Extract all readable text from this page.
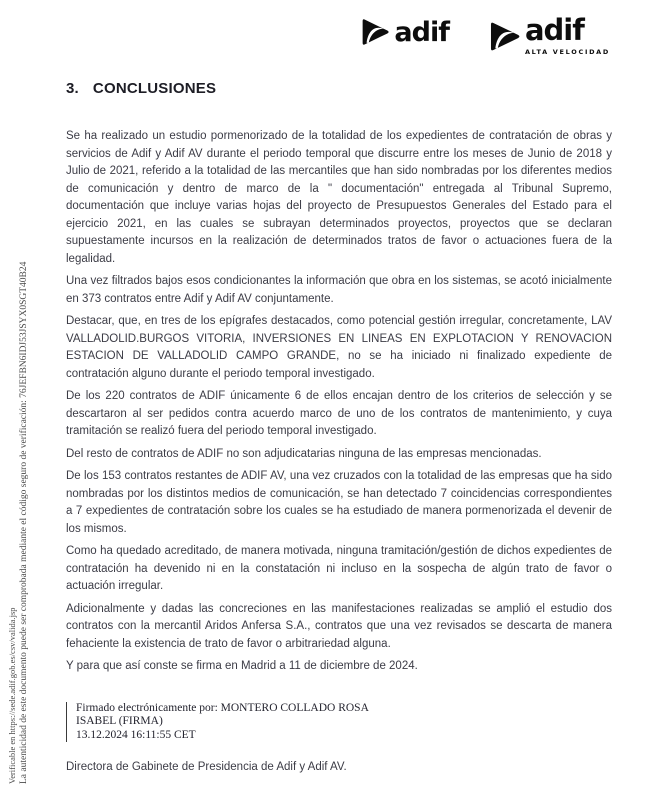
adif	adif
ALTA VELOCIDAD
3. CONCLUSIONES

Se ha realizado un estudio pormenorizado de la totalidad de los expedientes de contratación de obras y servicios de Adif y Adif AV durante el periodo temporal que discurre entre los meses de Junio de 2018 y Julio de 2021, referido a la totalidad de las mercantiles que han sido nombradas por los diferentes medios de comunicación y dentro de marco de la " documentación" entregada al Tribunal Supremo, documentación que incluye varias hojas del proyecto de Presupuestos Generales del Estado para el ejercicio 2021, en las cuales se subrayan determinados proyectos, proyectos que se declaran supuestamente incursos en la realización de determinados tratos de favor o actuaciones fuera de la legalidad.

Una vez filtrados bajos esos condicionantes la información que obra en los sistemas, se acotó inicialmente en 373 contratos entre Adif y Adif AV conjuntamente.

Destacar, que, en tres de los epígrafes destacados, como potencial gestión irregular, concretamente, LAV VALLADOLID.BURGOS VITORIA, INVERSIONES EN LINEAS EN EXPLOTACION Y RENOVACION ESTACION DE VALLADOLID CAMPO GRANDE, no se ha iniciado ni finalizado expediente de contratación alguno durante el periodo temporal investigado.

De los 220 contratos de ADIF únicamente 6 de ellos encajan dentro de los criterios de selección y se descartaron al ser pedidos contra acuerdo marco de uno de los contratos de mantenimiento, y cuya tramitación se realizó fuera del periodo temporal investigado.

Del resto de contratos de ADIF no son adjudicatarias ninguna de las empresas mencionadas.

De los 153 contratos restantes de ADIF AV, una vez cruzados con la totalidad de las empresas que ha sido nombradas por los distintos medios de comunicación, se han detectado 7 coincidencias correspondientes a 7 expedientes de contratación sobre los cuales se ha estudiado de manera pormenorizada el devenir de los mismos.

Como ha quedado acreditado, de manera motivada, ninguna tramitación/gestión de dichos expedientes de contratación ha devenido ni en la constatación ni incluso en la sospecha de algún trato de favor o actuación irregular.

Adicionalmente y dadas las concreciones en las manifestaciones realizadas se amplió el estudio dos contratos con la mercantil Aridos Anfersa S.A., contratos que una vez revisados se descarta de manera fehaciente la existencia de trato de favor o arbitrariedad alguna.

Y para que así conste se firma en Madrid a 11 de diciembre de 2024.

Firmado electrónicamente por: MONTERO COLLADO ROSA
ISABEL (FIRMA)
13.12.2024 16:11:55 CET
Directora de Gabinete de Presidencia de Adif y Adif AV.
La autenticidad de este documento puede ser comprobada mediante el código seguro de verificación: 76JEFBN6IDJ53JSYX0SGT40B24
Verificable en https://sede.adif.gob.es/csv/valida.jsp
